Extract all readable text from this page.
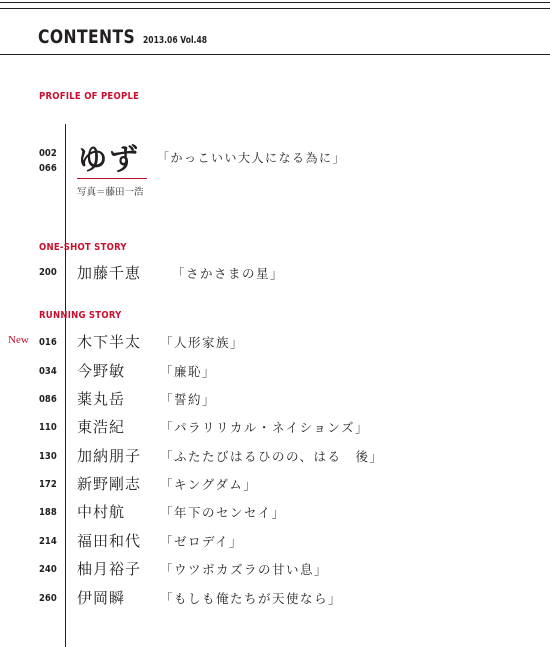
CONTENTS 2013.06 Vol.48
PROFILE OF PEOPLE
002
066 ゆず 「かっこいい大人になる為に」
写真＝藤田一浩
ONE-SHOT STORY
200 加藤千恵 「さかさまの星」
RUNNING STORY
New 016 木下半太 「人形家族」
034 今野敏	「廉恥」
086 薬丸岳	「誓約」
110 東浩紀	「パラリリカル・ネイションズ」
130 加納朋子 「ふたたびはるひのの、はる　後」
172 新野剛志 「キングダム」
188 中村航	「年下のセンセイ」
214 福田和代 「ゼロデイ」
240 柚月裕子 「ウツボカズラの甘い息」
260 伊岡瞬	「もしも俺たちが天使なら」
